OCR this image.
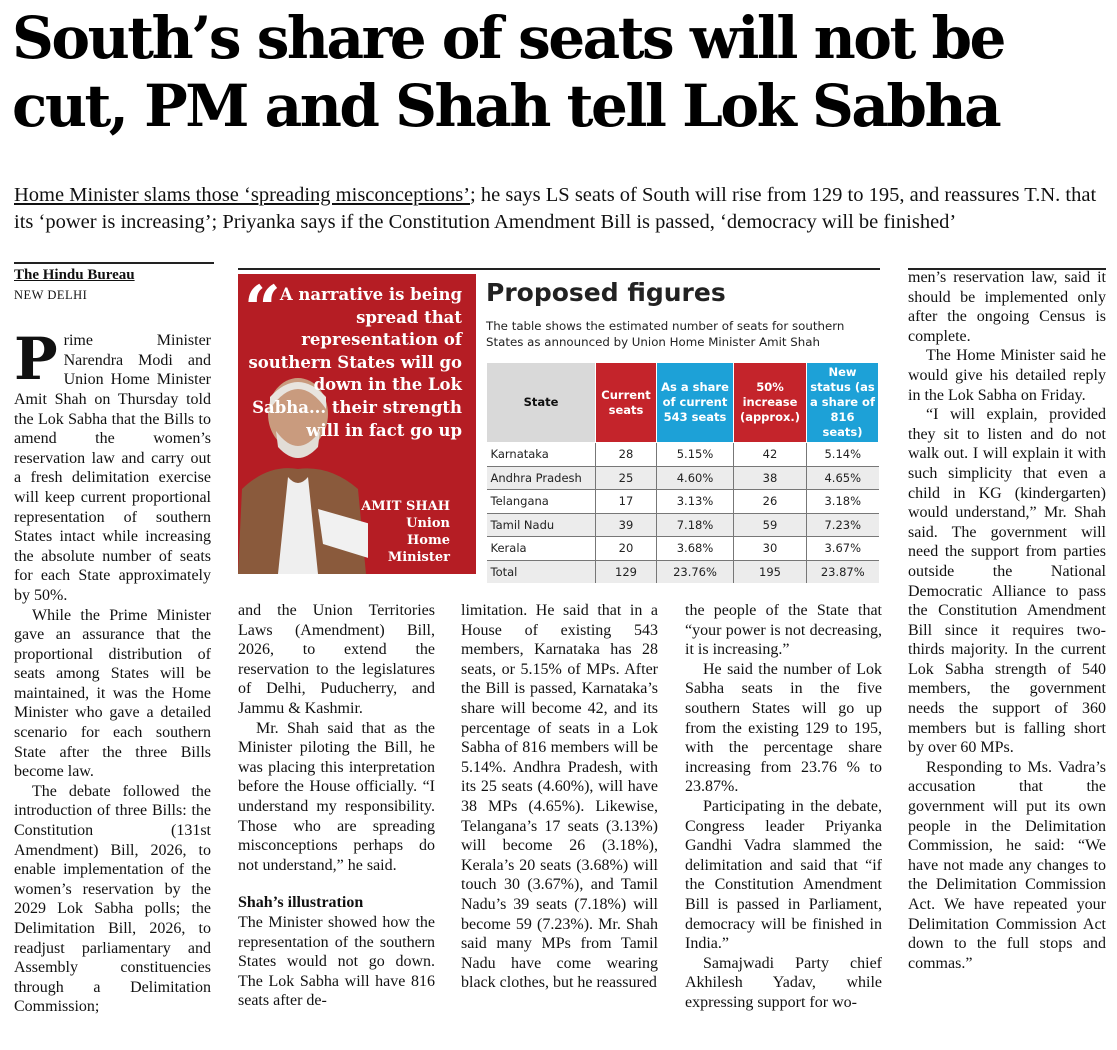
South’s share of seats will not be cut, PM and Shah tell Lok Sabha

Home Minister slams those ‘spreading misconceptions’; he says LS seats of South will rise from 129 to 195, and reassures T.N. that its ‘power is increasing’; Priyanka says if the Constitution Amendment Bill is passed, ‘democracy will be finished’

The Hindu Bureau

NEW DELHI

Prime Minister Narendra Modi and Union Home Minister Amit Shah on Thursday told the Lok Sabha that the Bills to amend the women’s reservation law and carry out a fresh delimitation exercise will keep current proportional representation of southern States intact while increasing the absolute number of seats for each State approximately by 50%.

While the Prime Minister gave an assurance that the proportional distribution of seats among States will be maintained, it was the Home Minister who gave a detailed scenario for each southern State after the three Bills become law.

The debate followed the introduction of three Bills: the Constitution (131st Amendment) Bill, 2026, to enable implementation of the women’s reservation by the 2029 Lok Sabha polls; the Delimitation Bill, 2026, to readjust parliamentary and Assembly constituencies through a Delimitation Commission;

“ A narrative is being spread that representation of southern States will go down in the Lok Sabha... their strength will in fact go up
AMIT SHAH
Union
Home
Minister
Proposed figures

The table shows the estimated number of seats for southern States as announced by Union Home Minister Amit Shah

State	Current seats	As a share of current 543 seats	50% increase (approx.)	New status (as a share of 816 seats)
Karnataka	28	5.15%	42	5.14%
Andhra Pradesh	25	4.60%	38	4.65%
Telangana	17	3.13%	26	3.18%
Tamil Nadu	39	7.18%	59	7.23%
Kerala	20	3.68%	30	3.67%
Total	129	23.76%	195	23.87%

and the Union Territories Laws (Amendment) Bill, 2026, to extend the reservation to the legislatures of Delhi, Puducherry, and Jammu & Kashmir.

Mr. Shah said that as the Minister piloting the Bill, he was placing this interpretation before the House officially. “I understand my responsibility. Those who are spreading misconceptions perhaps do not understand,” he said.

Shah’s illustration

The Minister showed how the representation of the southern States would not go down. The Lok Sabha will have 816 seats after de-

limitation. He said that in a House of existing 543 members, Karnataka has 28 seats, or 5.15% of MPs. After the Bill is passed, Karnataka’s share will become 42, and its percentage of seats in a Lok Sabha of 816 members will be 5.14%. Andhra Pradesh, with its 25 seats (4.60%), will have 38 MPs (4.65%). Likewise, Telangana’s 17 seats (3.13%) will become 26 (3.18%), Kerala’s 20 seats (3.68%) will touch 30 (3.67%), and Tamil Nadu’s 39 seats (7.18%) will become 59 (7.23%). Mr. Shah said many MPs from Tamil Nadu have come wearing black clothes, but he reassured

the people of the State that “your power is not decreasing, it is increasing.”

He said the number of Lok Sabha seats in the five southern States will go up from the existing 129 to 195, with the percentage share increasing from 23.76 % to 23.87%.

Participating in the debate, Congress leader Priyanka Gandhi Vadra slammed the delimitation and said that “if the Constitution Amendment Bill is passed in Parliament, democracy will be finished in India.”

Samajwadi Party chief Akhilesh Yadav, while expressing support for wo-

men’s reservation law, said it should be implemented only after the ongoing Census is complete.

The Home Minister said he would give his detailed reply in the Lok Sabha on Friday.

“I will explain, provided they sit to listen and do not walk out. I will explain it with such simplicity that even a child in KG (kindergarten) would understand,” Mr. Shah said. The government will need the support from parties outside the National Democratic Alliance to pass the Constitution Amendment Bill since it requires two-thirds majority. In the current Lok Sabha strength of 540 members, the government needs the support of 360 members but is falling short by over 60 MPs.

Responding to Ms. Vadra’s accusation that the government will put its own people in the Delimitation Commission, he said: “We have not made any changes to the Delimitation Commission Act. We have repeated your Delimitation Commission Act down to the full stops and commas.”
